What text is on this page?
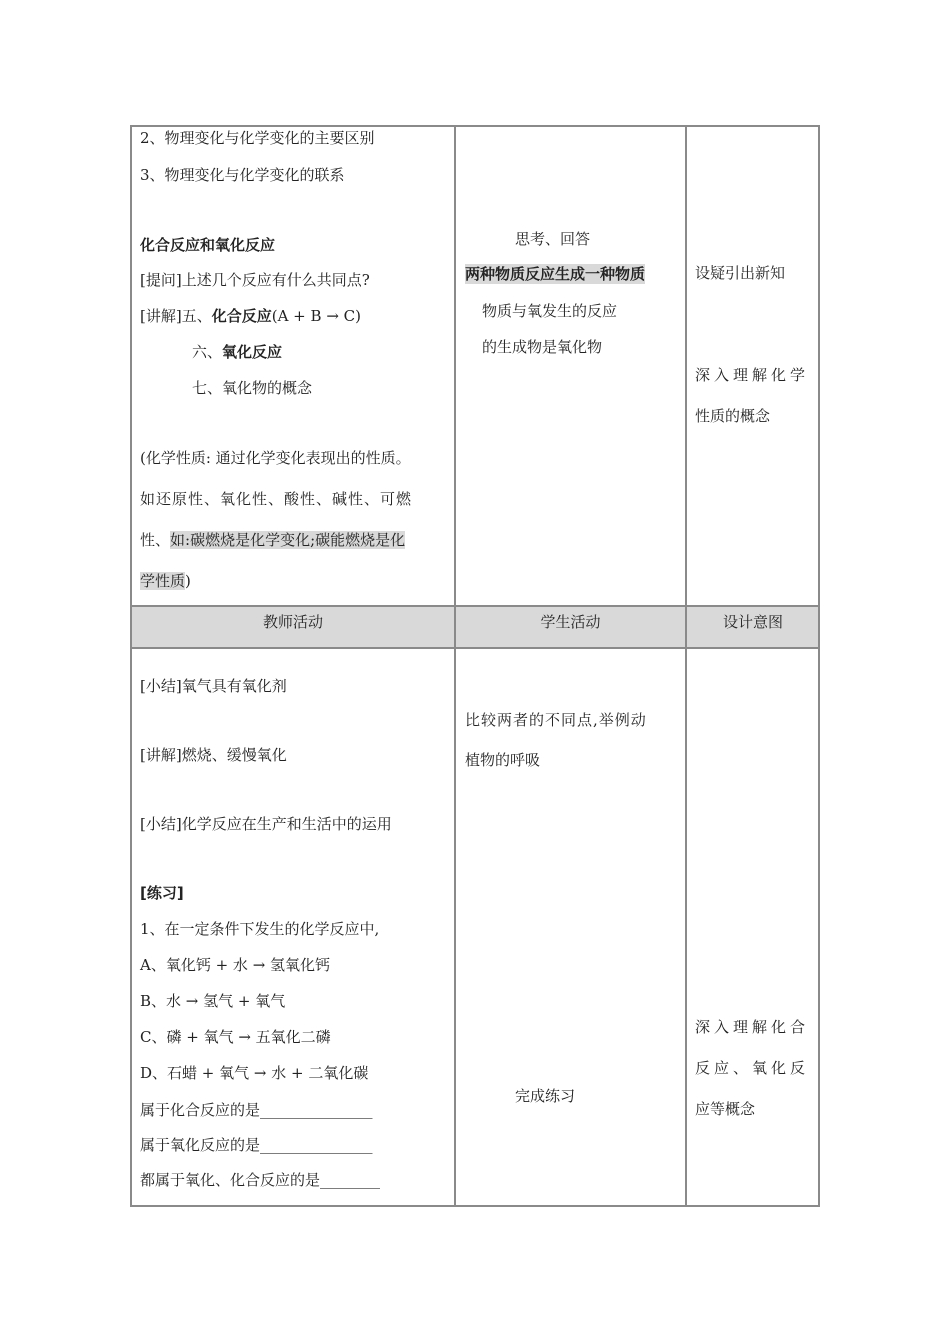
2、物理变化与化学变化的主要区别
3、物理变化与化学变化的联系
化合反应和氧化反应
[提问]上述几个反应有什么共同点?
[讲解]五、化合反应(A + B → C)
六、氧化反应
七、氧化物的概念
(化学性质: 通过化学变化表现出的性质。
如还原性、氧化性、酸性、碱性、可燃
性、如:碳燃烧是化学变化;碳能燃烧是化
学性质)
思考、回答
两种物质反应生成一种物质
物质与氧发生的反应
的生成物是氧化物
设疑引出新知
深入理解化学
性质的概念
教师活动	学生活动	设计意图
[小结]氧气具有氧化剂
[讲解]燃烧、缓慢氧化
[小结]化学反应在生产和生活中的运用
[练习]
1、在一定条件下发生的化学反应中,
A、氧化钙 + 水 → 氢氧化钙
B、水 → 氢气 + 氧气
C、磷 + 氧气 → 五氧化二磷
D、石蜡 + 氧气 → 水 + 二氧化碳
属于化合反应的是_______________
属于氧化反应的是_______________
都属于氧化、化合反应的是________
比较两者的不同点,举例动
植物的呼吸
完成练习
深入理解化合
反应、氧化反
应等概念
